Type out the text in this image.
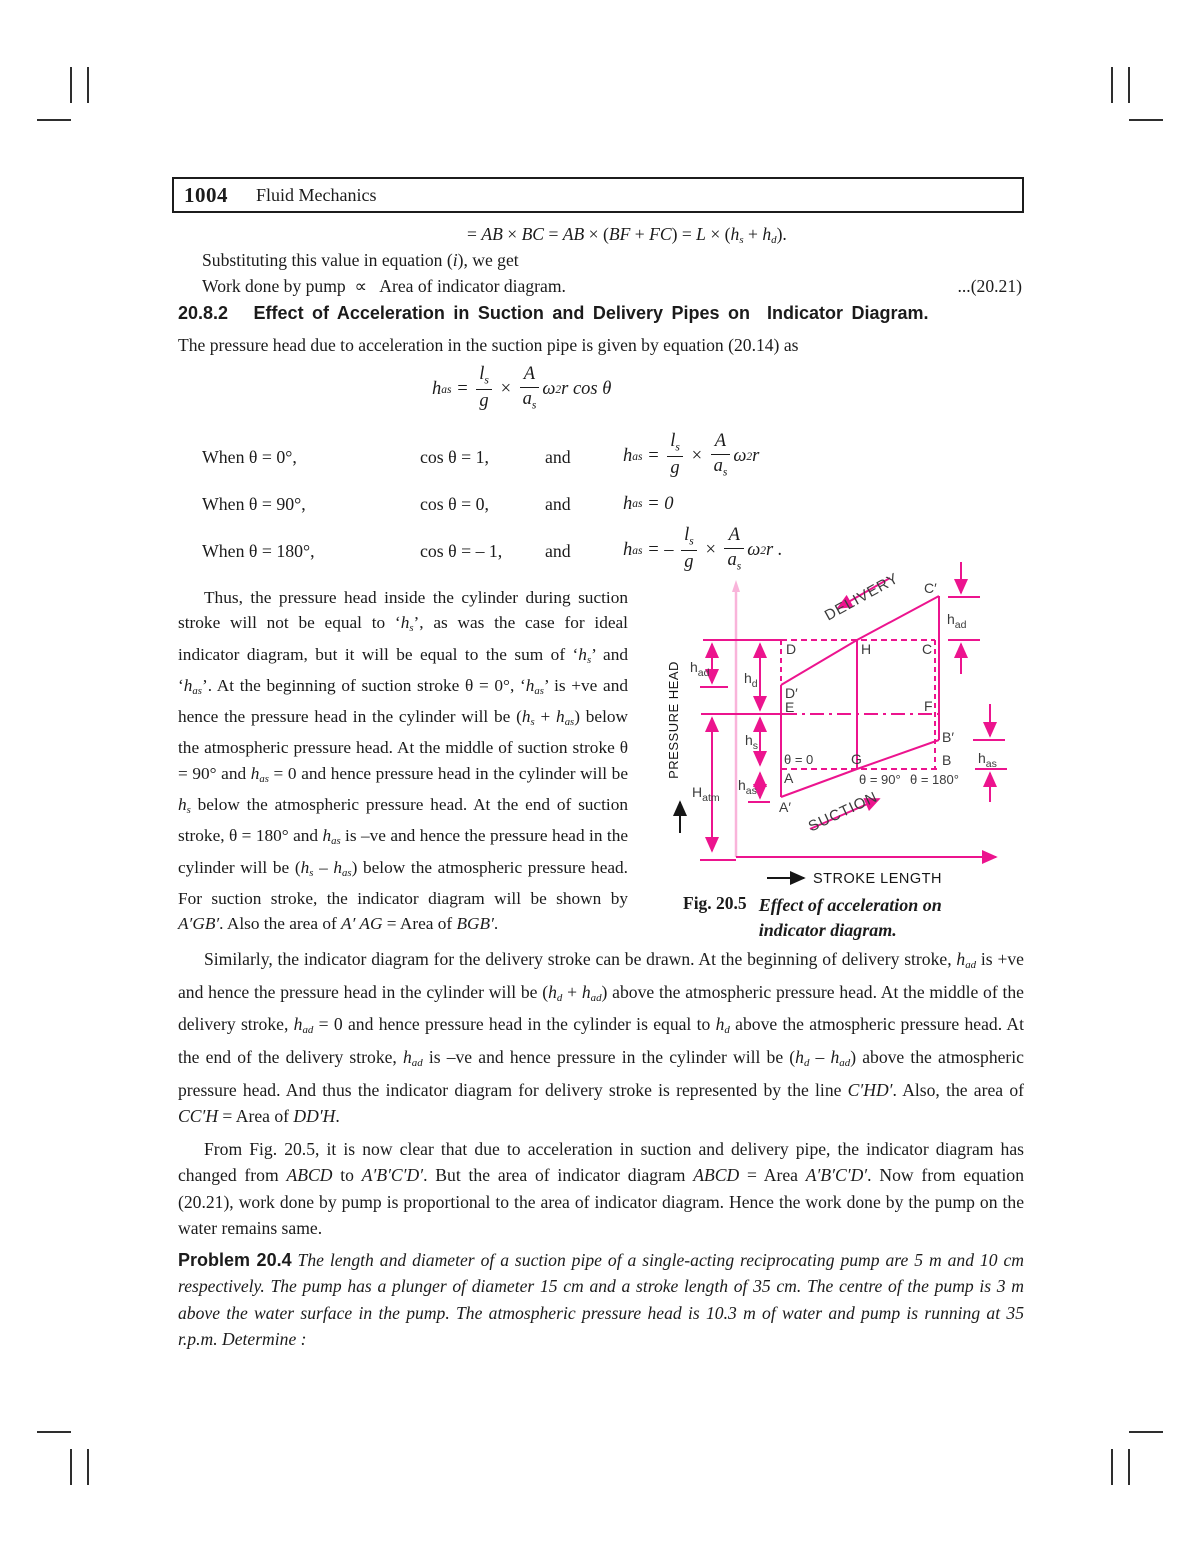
1004 Fluid Mechanics
= AB × BC = AB × (BF + FC) = L × (hs + hd).
Substituting this value in equation (i), we get
Work done by pump  ∝   Area of indicator diagram.	...(20.21)
20.8.2   Effect of Acceleration in Suction and Delivery Pipes on  Indicator Diagram.
The pressure head due to acceleration in the suction pipe is given by equation (20.14) as
h as = $\frac{l_s}{g} \times \frac{A}{a_s}$ ω 2 r cos θ
When θ = 0°,	cos θ = 1,	and	h as = $\frac{l_s}{g} \times \frac{A}{a_s}$ ω 2 r
When θ = 90°,	cos θ = 0,	and	h as = 0
When θ = 180°,	cos θ = – 1,	and	h as = – $\frac{l_s}{g} \times \frac{A}{a_s}$ ω 2 r .
Thus, the pressure head inside the cylinder during suction stroke will not be equal to ‘hs’, as was the case for ideal indicator diagram, but it will be equal to the sum of ‘hs’ and ‘has’. At the beginning of suction stroke θ = 0°, ‘has’ is +ve and hence the pressure head in the cylinder will be (hs + has) below the atmospheric pressure head. At the middle of suction stroke θ = 90° and has = 0 and hence pressure head in the cylinder will be hs below the atmospheric pressure head. At the end of suction stroke, θ = 180° and has is –ve and hence the pressure head in the cylinder will be (hs – has) below the atmospheric pressure head. For suction stroke, the indicator diagram will be shown by A′GB′. Also the area of A′ AG = Area of BGB′.
D	H	C
C′
D′
E	F
θ = 0	G
B′
B
A	θ = 90° θ = 180°
A′
$h_{ad}$ $h_d$
$h_s$
$h_{as}$
$H_{atm}$
$h_{ad}$
$h_{as}$
DELIVERY
SUCTION
PRESSURE HEAD
STROKE LENGTH
Fig. 20.5 Effect of acceleration on
indicator diagram.
Similarly, the indicator diagram for the delivery stroke can be drawn. At the beginning of delivery stroke, had is +ve and hence the pressure head in the cylinder will be (hd + had) above the atmospheric pressure head. At the middle of the delivery stroke, had = 0 and hence pressure head in the cylinder is equal to hd above the atmospheric pressure head. At the end of the delivery stroke, had is –ve and hence pressure in the cylinder will be (hd – had) above the atmospheric pressure head. And thus the indicator diagram for delivery stroke is represented by the line C′HD′. Also, the area of CC′H = Area of DD′H.
From Fig. 20.5, it is now clear that due to acceleration in suction and delivery pipe, the indicator diagram has changed from ABCD to A′B′C′D′. But the area of indicator diagram ABCD = Area A′B′C′D′. Now from equation (20.21), work done by pump is proportional to the area of indicator diagram. Hence the work done by the pump on the water remains same.
Problem 20.4 The length and diameter of a suction pipe of a single-acting reciprocating pump are 5 m and 10 cm respectively. The pump has a plunger of diameter 15 cm and a stroke length of 35 cm. The centre of the pump is 3 m above the water surface in the pump. The atmospheric pressure head is 10.3 m of water and pump is running at 35 r.p.m. Determine :
